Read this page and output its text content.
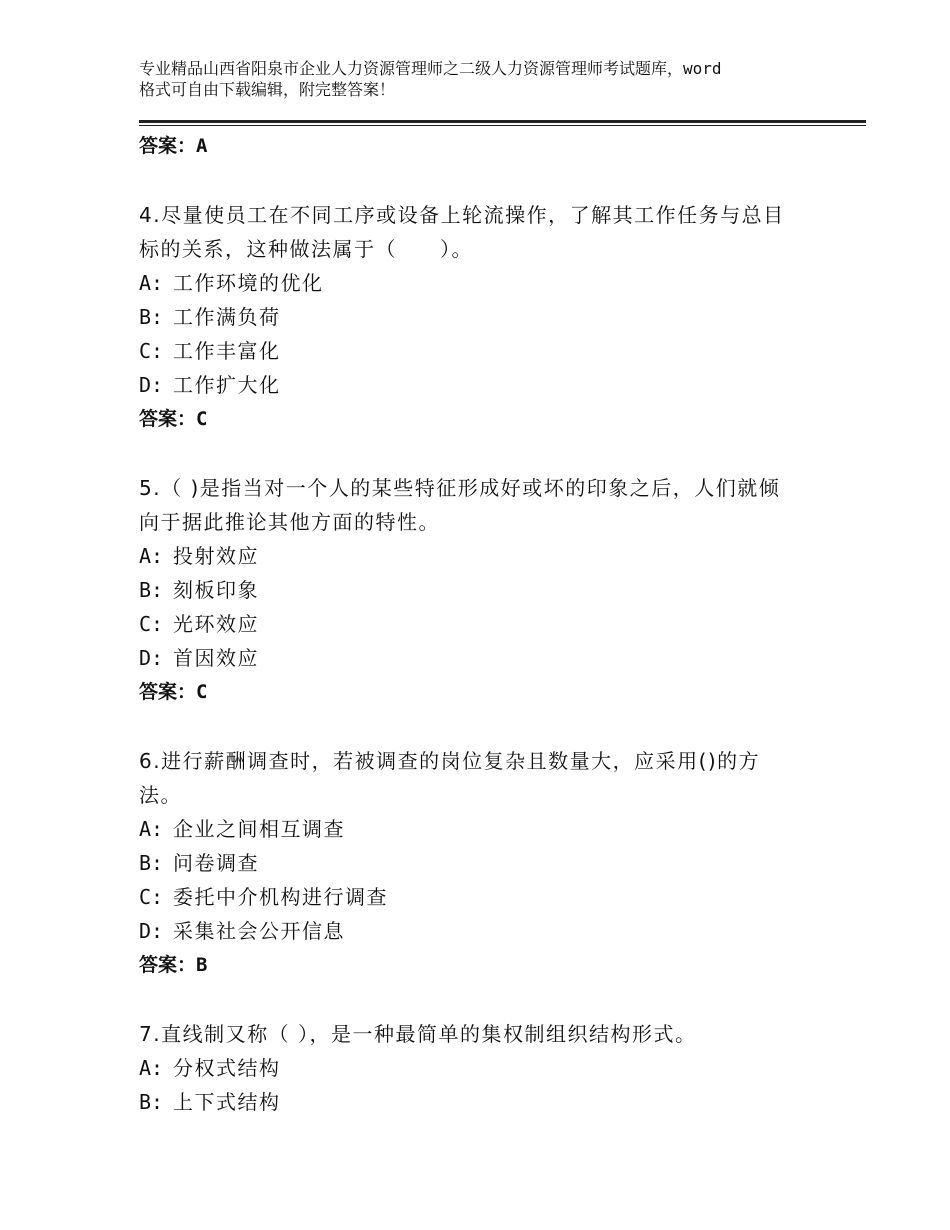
专业精品山西省阳泉市企业人力资源管理师之二级人力资源管理师考试题库，word
格式可自由下载编辑，附完整答案！
答案：A
4.尽量使员工在不同工序或设备上轮流操作，了解其工作任务与总目
标的关系，这种做法属于（　　）。
A: 工作环境的优化
B: 工作满负荷
C: 工作丰富化
D: 工作扩大化
答案：C
5.（ )是指当对一个人的某些特征形成好或坏的印象之后，人们就倾
向于据此推论其他方面的特性。
A: 投射效应
B: 刻板印象
C: 光环效应
D: 首因效应
答案：C
6.进行薪酬调查时，若被调查的岗位复杂且数量大，应采用()的方
法。
A: 企业之间相互调查
B: 问卷调查
C: 委托中介机构进行调查
D: 采集社会公开信息
答案：B
7.直线制又称（ ），是一种最简单的集权制组织结构形式。
A: 分权式结构
B: 上下式结构
